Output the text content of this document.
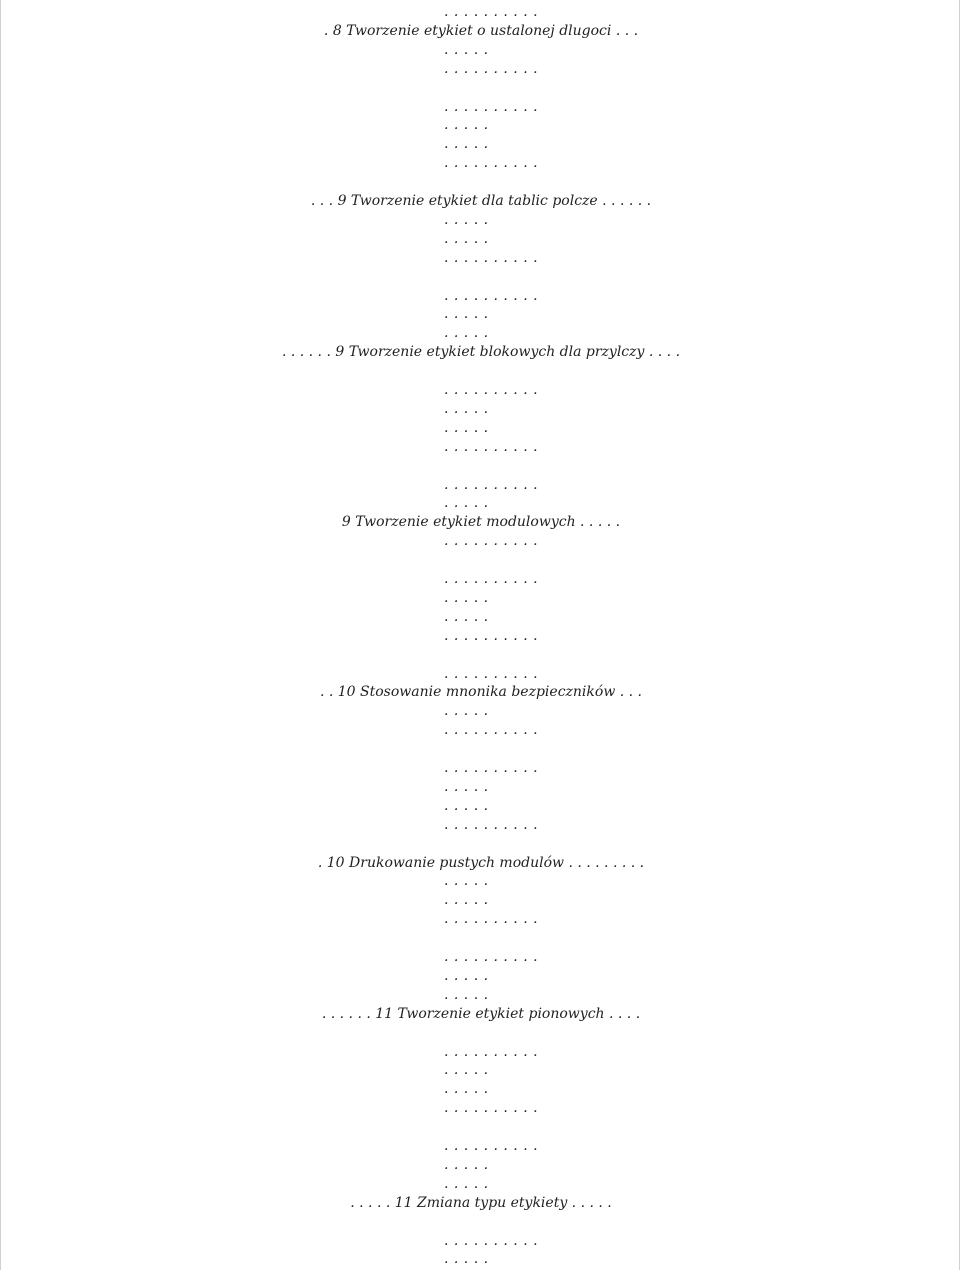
. . . . . . . . . .
. 8 Tworzenie etykiet o ustalonej dlugoci . . .
. . . . .
. . . . . . . . . .
. . . . . . . . . .
. . . . .
. . . . .
. . . . . . . . . .
. . . 9 Tworzenie etykiet dla tablic polcze . . . . . .
. . . . .
. . . . .
. . . . . . . . . .
. . . . . . . . . .
. . . . .
. . . . .
. . . . . . 9 Tworzenie etykiet blokowych dla przylczy . . . .
. . . . . . . . . .
. . . . .
. . . . .
. . . . . . . . . .
. . . . . . . . . .
. . . . .
9 Tworzenie etykiet modulowych . . . . .
. . . . . . . . . .
. . . . . . . . . .
. . . . .
. . . . .
. . . . . . . . . .
. . . . . . . . . .
. . 10 Stosowanie mnonika bezpieczników . . .
. . . . .
. . . . . . . . . .
. . . . . . . . . .
. . . . .
. . . . .
. . . . . . . . . .
. 10 Drukowanie pustych modulów . . . . . . . . .
. . . . .
. . . . .
. . . . . . . . . .
. . . . . . . . . .
. . . . .
. . . . .
. . . . . . 11 Tworzenie etykiet pionowych . . . .
. . . . . . . . . .
. . . . .
. . . . .
. . . . . . . . . .
. . . . . . . . . .
. . . . .
. . . . .
. . . . . 11 Zmiana typu etykiety . . . . .
. . . . . . . . . .
. . . . .
